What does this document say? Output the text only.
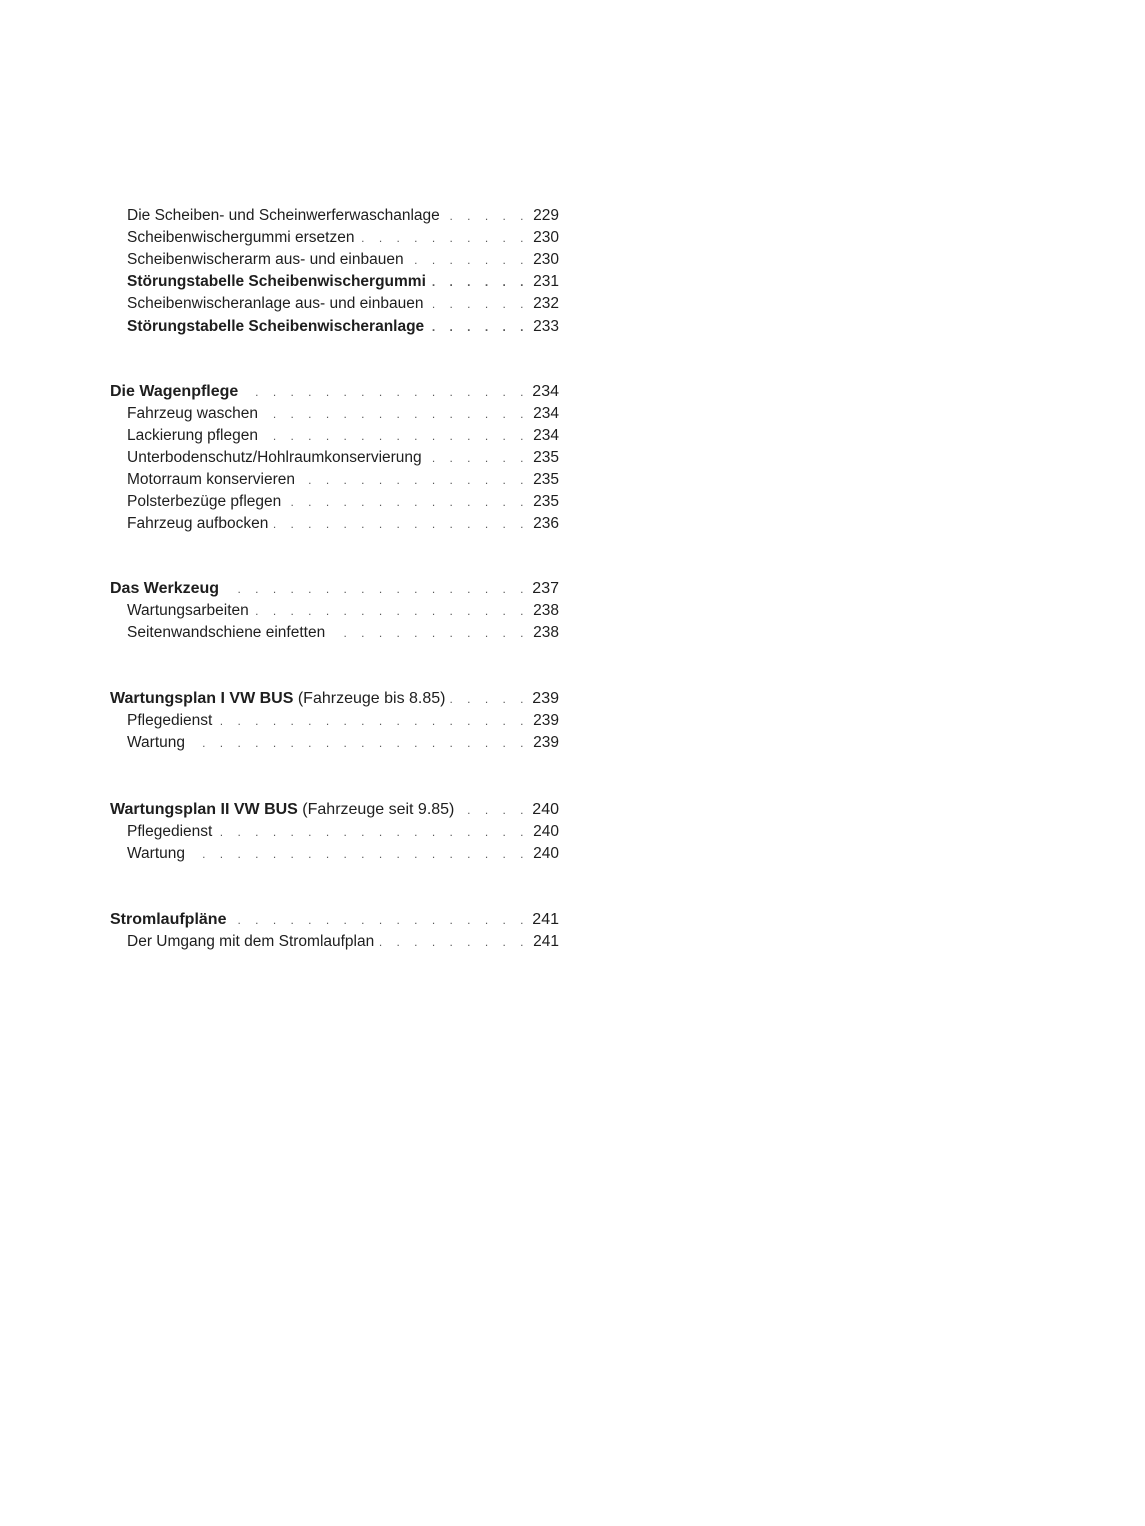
Die Scheiben- und Scheinwerferwaschanlage . . .	229
Scheibenwischergummi ersetzen . . .	230
Scheibenwischerarm aus- und einbauen . . .	230
Störungstabelle Scheibenwischergummi . . .	231
Scheibenwischeranlage aus- und einbauen . . .	232
Störungstabelle Scheibenwischeranlage . . .	233
Die Wagenpflege . . .	234
Fahrzeug waschen . . .	234
Lackierung pflegen . . .	234
Unterbodenschutz/Hohlraumkonservierung . . .	235
Motorraum konservieren . . .	235
Polsterbezüge pflegen . . .	235
Fahrzeug aufbocken . . .	236
Das Werkzeug . . .	237
Wartungsarbeiten . . .	238
Seitenwandschiene einfetten . . .	238
Wartungsplan I VW BUS (Fahrzeuge bis 8.85) . . .	239
Pflegedienst . . .	239
Wartung . . .	239
Wartungsplan II VW BUS (Fahrzeuge seit 9.85) . . .	240
Pflegedienst . . .	240
Wartung . . .	240
Stromlaufpläne . . .	241
Der Umgang mit dem Stromlaufplan . . .	241
